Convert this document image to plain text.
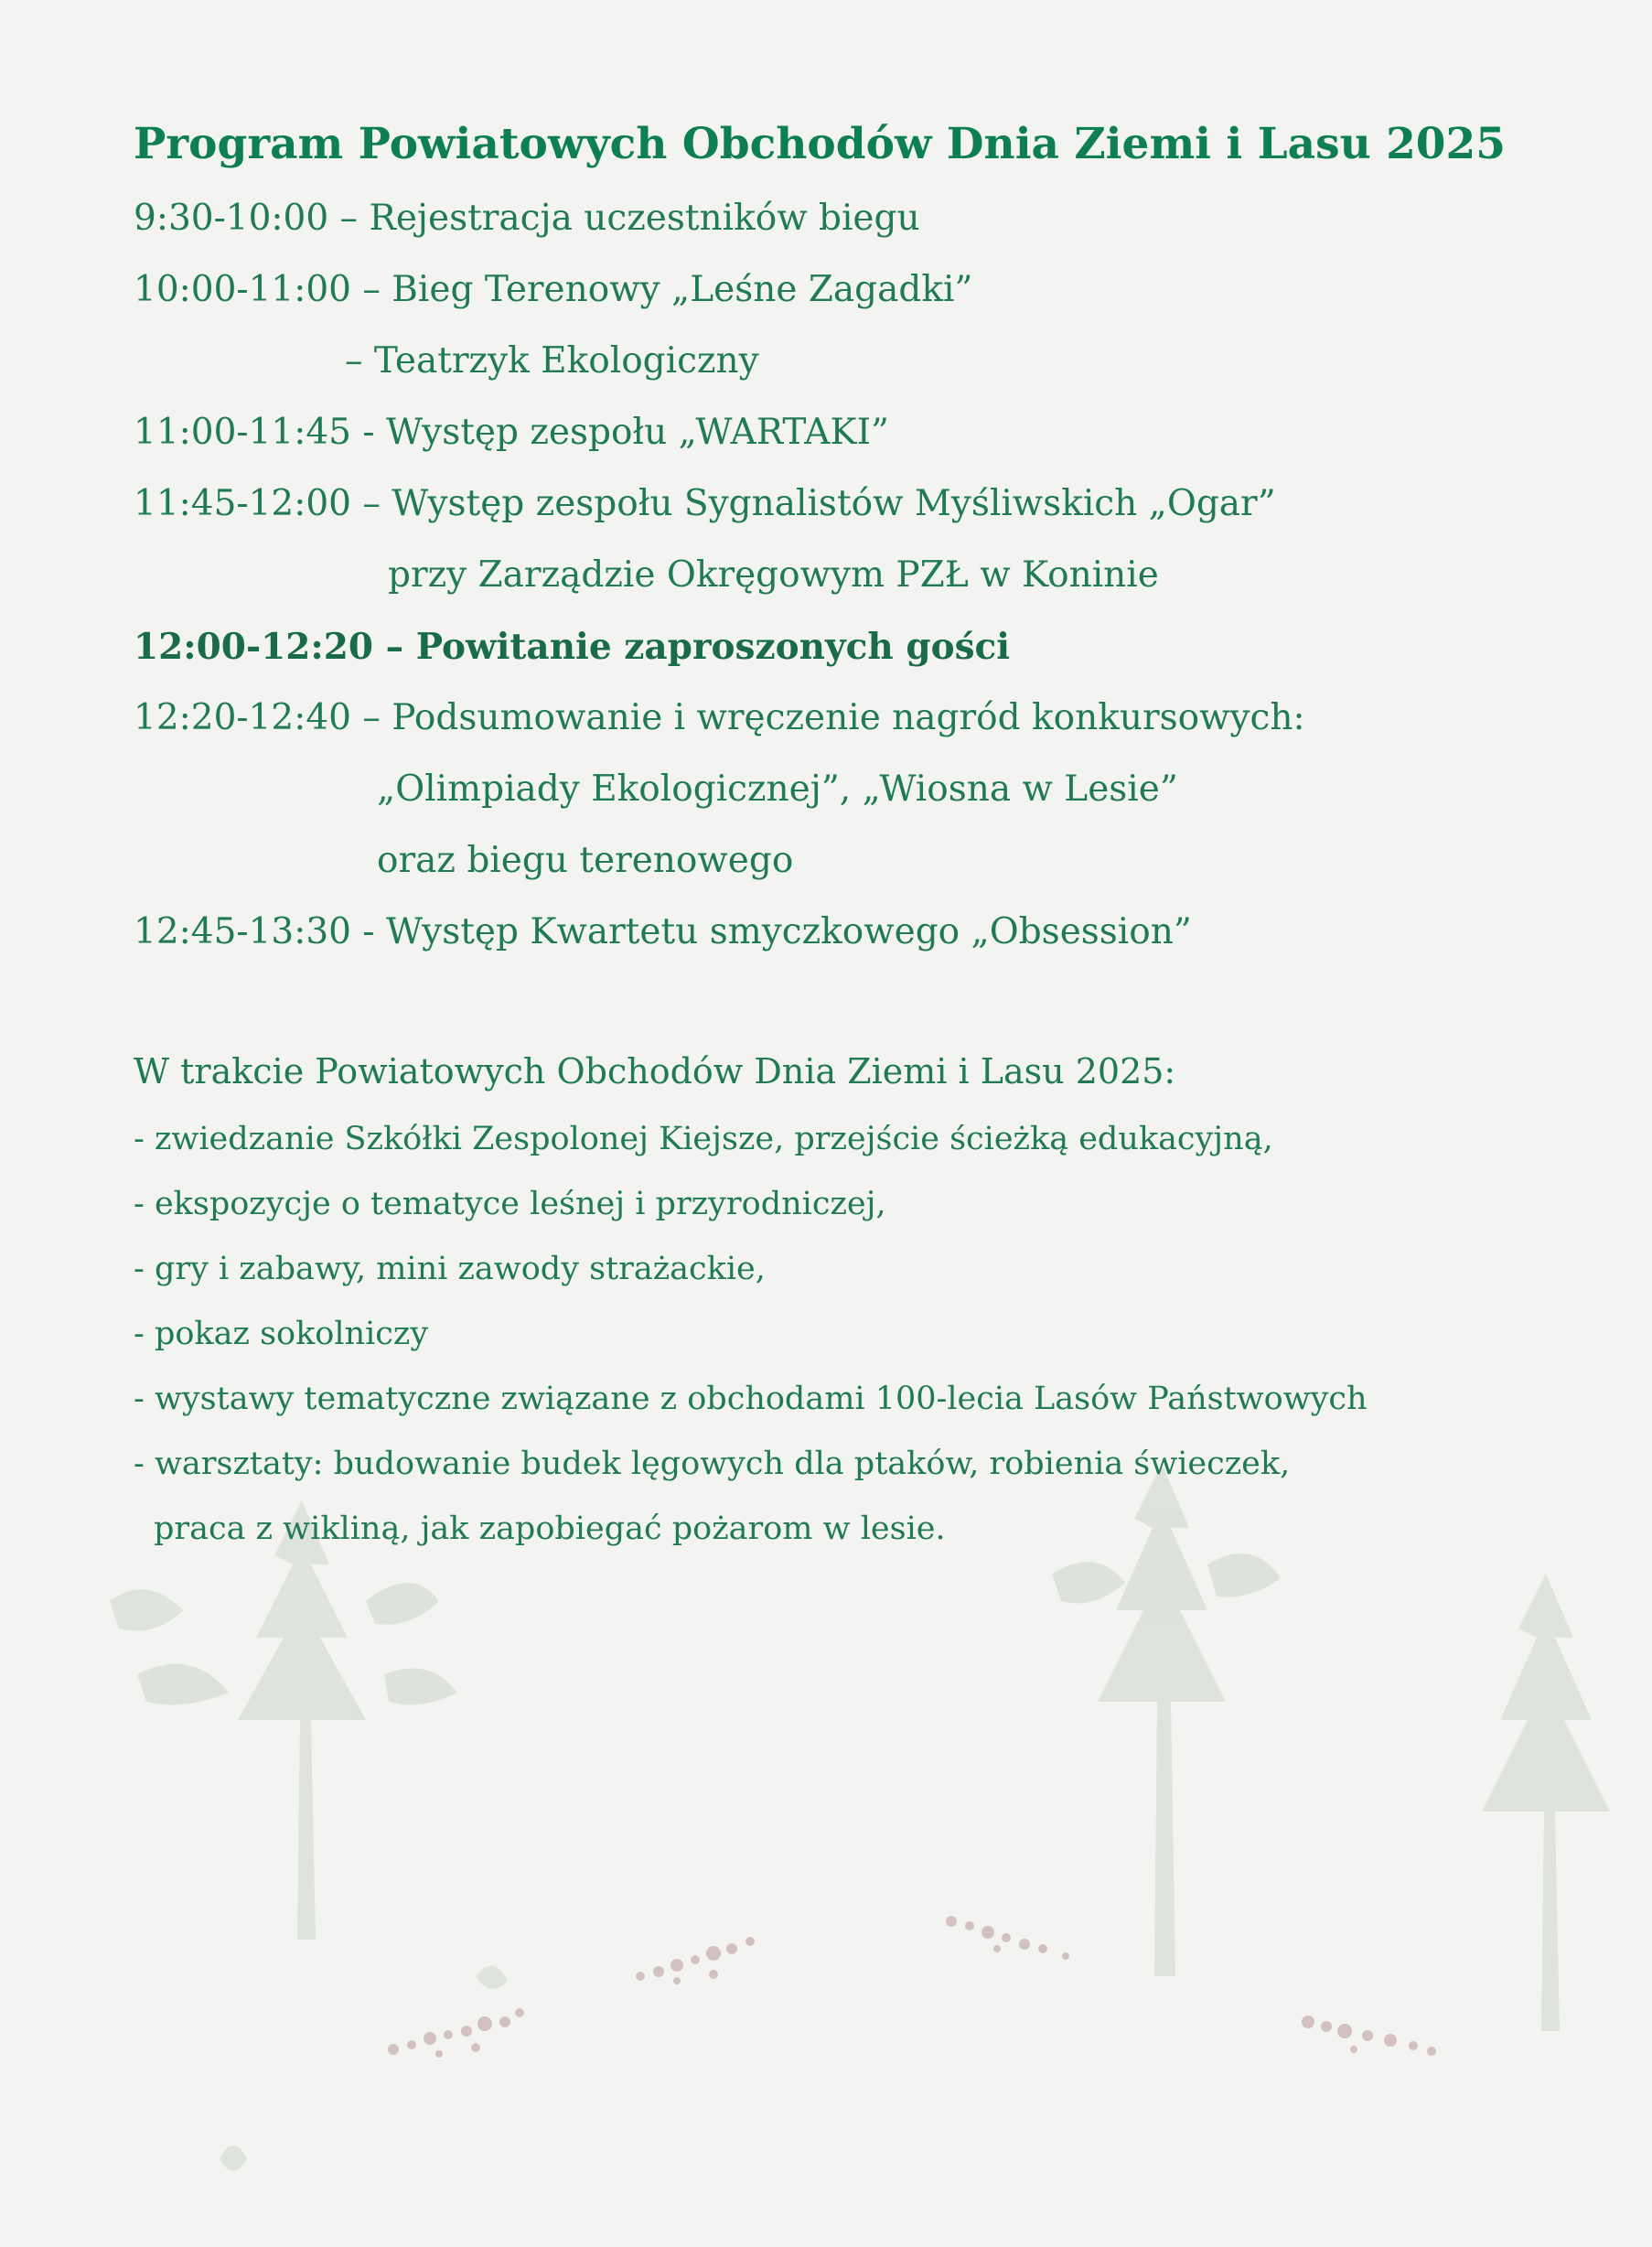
Program Powiatowych Obchodów Dnia Ziemi i Lasu 2025
9:30-10:00 – Rejestracja uczestników biegu
10:00-11:00 – Bieg Terenowy „Leśne Zagadki”
– Teatrzyk Ekologiczny
11:00-11:45 - Występ zespołu „WARTAKI”
11:45-12:00 – Występ zespołu Sygnalistów Myśliwskich „Ogar”
przy Zarządzie Okręgowym PZŁ w Koninie
12:00-12:20 – Powitanie zaproszonych gości
12:20-12:40 – Podsumowanie i wręczenie nagród konkursowych:
„Olimpiady Ekologicznej”, „Wiosna w Lesie”
oraz biegu terenowego
12:45-13:30 - Występ Kwartetu smyczkowego „Obsession”
W trakcie Powiatowych Obchodów Dnia Ziemi i Lasu 2025:
- zwiedzanie Szkółki Zespolonej Kiejsze, przejście ścieżką edukacyjną,
- ekspozycje o tematyce leśnej i przyrodniczej,
- gry i zabawy, mini zawody strażackie,
- pokaz sokolniczy
- wystawy tematyczne związane z obchodami 100-lecia Lasów Państwowych
- warsztaty: budowanie budek lęgowych dla ptaków, robienia świeczek,
praca z wikliną, jak zapobiegać pożarom w lesie.
